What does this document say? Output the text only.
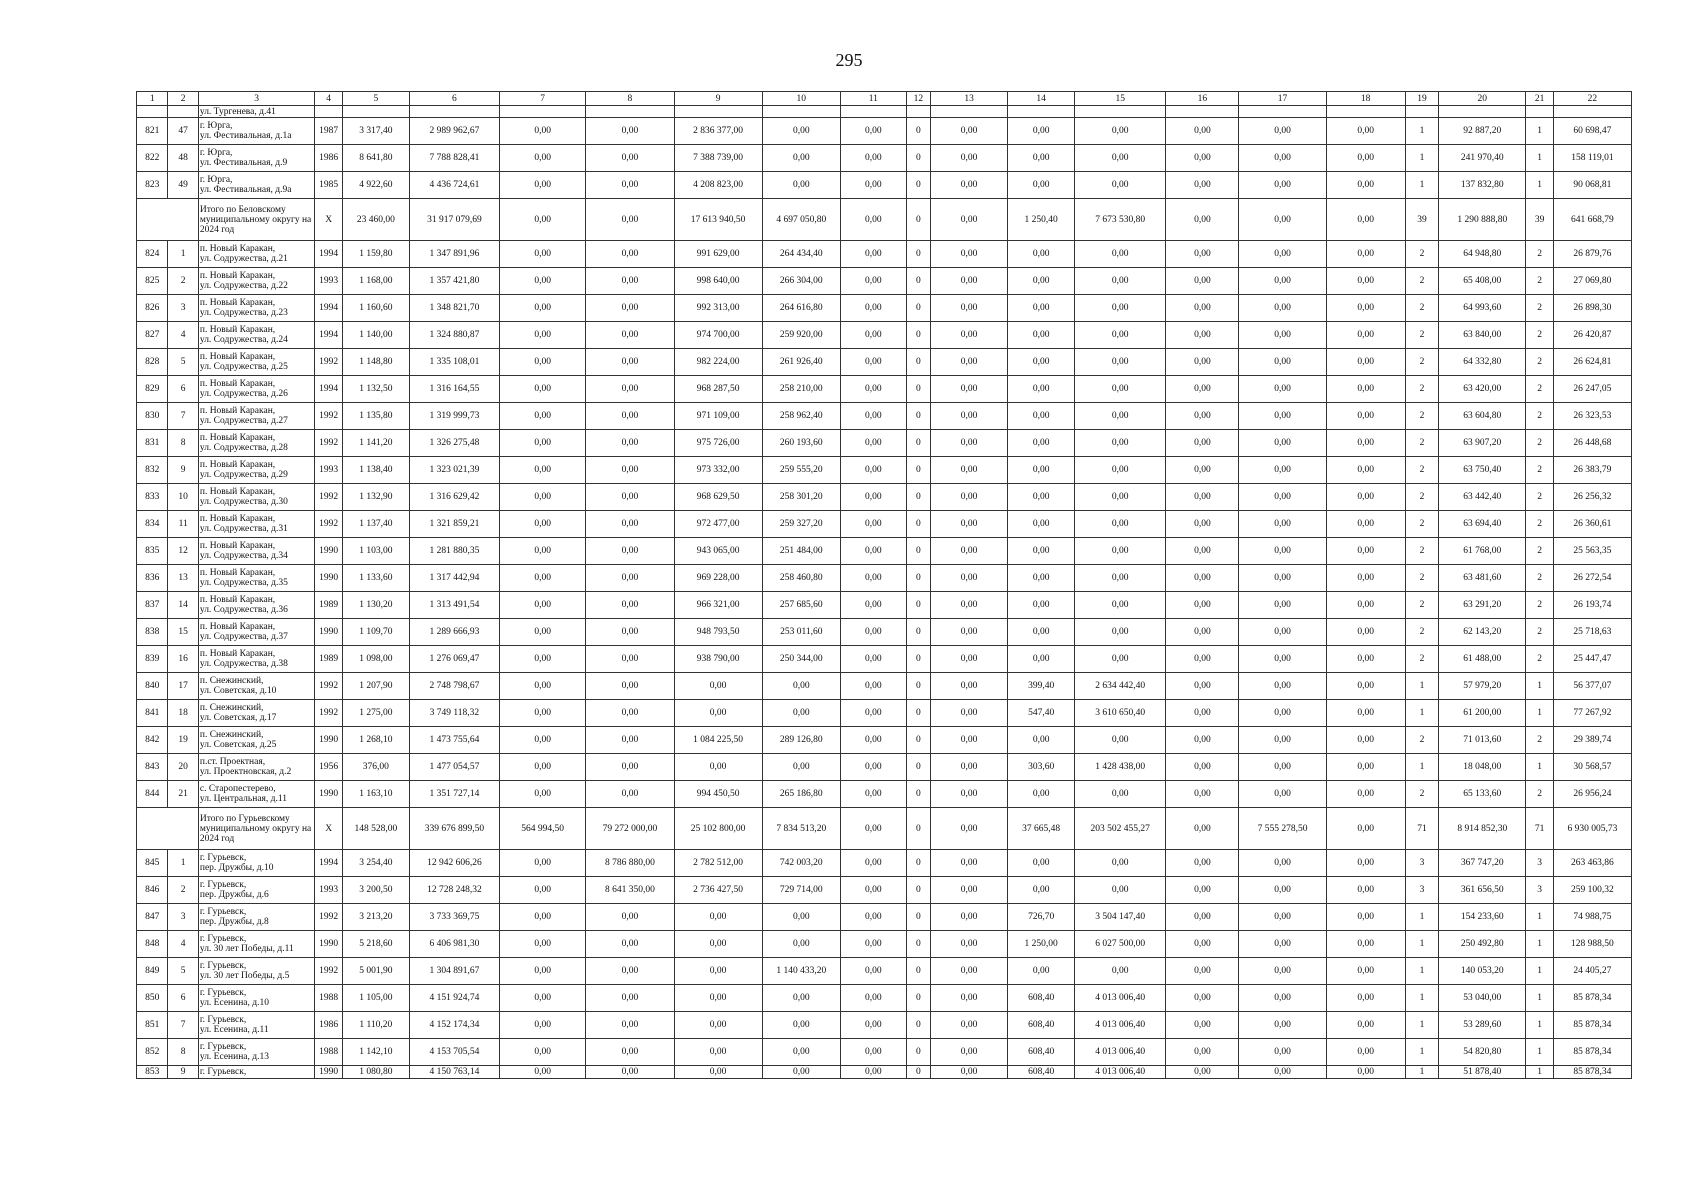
295
1	2	3	4	5	6	7	8	9	10	11	12	13	14	15	16	17	18	19	20	21	22
		ул. Тургенева, д.41																			
821	47	г. Юрга,
ул. Фестивальная, д.1а	1987	3 317,40	2 989 962,67	0,00	0,00	2 836 377,00	0,00	0,00	0	0,00	0,00	0,00	0,00	0,00	0,00	1	92 887,20	1	60 698,47
822	48	г. Юрга,
ул. Фестивальная, д.9	1986	8 641,80	7 788 828,41	0,00	0,00	7 388 739,00	0,00	0,00	0	0,00	0,00	0,00	0,00	0,00	0,00	1	241 970,40	1	158 119,01
823	49	г. Юрга,
ул. Фестивальная, д.9а	1985	4 922,60	4 436 724,61	0,00	0,00	4 208 823,00	0,00	0,00	0	0,00	0,00	0,00	0,00	0,00	0,00	1	137 832,80	1	90 068,81
		Итого по Беловскому муниципальному округу на 2024 год	X	23 460,00	31 917 079,69	0,00	0,00	17 613 940,50	4 697 050,80	0,00	0	0,00	1 250,40	7 673 530,80	0,00	0,00	0,00	39	1 290 888,80	39	641 668,79
824	1	п. Новый Каракан,
ул. Содружества, д.21	1994	1 159,80	1 347 891,96	0,00	0,00	991 629,00	264 434,40	0,00	0	0,00	0,00	0,00	0,00	0,00	0,00	2	64 948,80	2	26 879,76
825	2	п. Новый Каракан,
ул. Содружества, д.22	1993	1 168,00	1 357 421,80	0,00	0,00	998 640,00	266 304,00	0,00	0	0,00	0,00	0,00	0,00	0,00	0,00	2	65 408,00	2	27 069,80
826	3	п. Новый Каракан,
ул. Содружества, д.23	1994	1 160,60	1 348 821,70	0,00	0,00	992 313,00	264 616,80	0,00	0	0,00	0,00	0,00	0,00	0,00	0,00	2	64 993,60	2	26 898,30
827	4	п. Новый Каракан,
ул. Содружества, д.24	1994	1 140,00	1 324 880,87	0,00	0,00	974 700,00	259 920,00	0,00	0	0,00	0,00	0,00	0,00	0,00	0,00	2	63 840,00	2	26 420,87
828	5	п. Новый Каракан,
ул. Содружества, д.25	1992	1 148,80	1 335 108,01	0,00	0,00	982 224,00	261 926,40	0,00	0	0,00	0,00	0,00	0,00	0,00	0,00	2	64 332,80	2	26 624,81
829	6	п. Новый Каракан,
ул. Содружества, д.26	1994	1 132,50	1 316 164,55	0,00	0,00	968 287,50	258 210,00	0,00	0	0,00	0,00	0,00	0,00	0,00	0,00	2	63 420,00	2	26 247,05
830	7	п. Новый Каракан,
ул. Содружества, д.27	1992	1 135,80	1 319 999,73	0,00	0,00	971 109,00	258 962,40	0,00	0	0,00	0,00	0,00	0,00	0,00	0,00	2	63 604,80	2	26 323,53
831	8	п. Новый Каракан,
ул. Содружества, д.28	1992	1 141,20	1 326 275,48	0,00	0,00	975 726,00	260 193,60	0,00	0	0,00	0,00	0,00	0,00	0,00	0,00	2	63 907,20	2	26 448,68
832	9	п. Новый Каракан,
ул. Содружества, д.29	1993	1 138,40	1 323 021,39	0,00	0,00	973 332,00	259 555,20	0,00	0	0,00	0,00	0,00	0,00	0,00	0,00	2	63 750,40	2	26 383,79
833	10	п. Новый Каракан,
ул. Содружества, д.30	1992	1 132,90	1 316 629,42	0,00	0,00	968 629,50	258 301,20	0,00	0	0,00	0,00	0,00	0,00	0,00	0,00	2	63 442,40	2	26 256,32
834	11	п. Новый Каракан,
ул. Содружества, д.31	1992	1 137,40	1 321 859,21	0,00	0,00	972 477,00	259 327,20	0,00	0	0,00	0,00	0,00	0,00	0,00	0,00	2	63 694,40	2	26 360,61
835	12	п. Новый Каракан,
ул. Содружества, д.34	1990	1 103,00	1 281 880,35	0,00	0,00	943 065,00	251 484,00	0,00	0	0,00	0,00	0,00	0,00	0,00	0,00	2	61 768,00	2	25 563,35
836	13	п. Новый Каракан,
ул. Содружества, д.35	1990	1 133,60	1 317 442,94	0,00	0,00	969 228,00	258 460,80	0,00	0	0,00	0,00	0,00	0,00	0,00	0,00	2	63 481,60	2	26 272,54
837	14	п. Новый Каракан,
ул. Содружества, д.36	1989	1 130,20	1 313 491,54	0,00	0,00	966 321,00	257 685,60	0,00	0	0,00	0,00	0,00	0,00	0,00	0,00	2	63 291,20	2	26 193,74
838	15	п. Новый Каракан,
ул. Содружества, д.37	1990	1 109,70	1 289 666,93	0,00	0,00	948 793,50	253 011,60	0,00	0	0,00	0,00	0,00	0,00	0,00	0,00	2	62 143,20	2	25 718,63
839	16	п. Новый Каракан,
ул. Содружества, д.38	1989	1 098,00	1 276 069,47	0,00	0,00	938 790,00	250 344,00	0,00	0	0,00	0,00	0,00	0,00	0,00	0,00	2	61 488,00	2	25 447,47
840	17	п. Снежинский,
ул. Советская, д.10	1992	1 207,90	2 748 798,67	0,00	0,00	0,00	0,00	0,00	0	0,00	399,40	2 634 442,40	0,00	0,00	0,00	1	57 979,20	1	56 377,07
841	18	п. Снежинский,
ул. Советская, д.17	1992	1 275,00	3 749 118,32	0,00	0,00	0,00	0,00	0,00	0	0,00	547,40	3 610 650,40	0,00	0,00	0,00	1	61 200,00	1	77 267,92
842	19	п. Снежинский,
ул. Советская, д.25	1990	1 268,10	1 473 755,64	0,00	0,00	1 084 225,50	289 126,80	0,00	0	0,00	0,00	0,00	0,00	0,00	0,00	2	71 013,60	2	29 389,74
843	20	п.ст. Проектная,
ул. Проектновская, д.2	1956	376,00	1 477 054,57	0,00	0,00	0,00	0,00	0,00	0	0,00	303,60	1 428 438,00	0,00	0,00	0,00	1	18 048,00	1	30 568,57
844	21	с. Старопестерево,
ул. Центральная, д.11	1990	1 163,10	1 351 727,14	0,00	0,00	994 450,50	265 186,80	0,00	0	0,00	0,00	0,00	0,00	0,00	0,00	2	65 133,60	2	26 956,24
		Итого по Гурьевскому муниципальному округу на 2024 год	X	148 528,00	339 676 899,50	564 994,50	79 272 000,00	25 102 800,00	7 834 513,20	0,00	0	0,00	37 665,48	203 502 455,27	0,00	7 555 278,50	0,00	71	8 914 852,30	71	6 930 005,73
845	1	г. Гурьевск,
пер. Дружбы, д.10	1994	3 254,40	12 942 606,26	0,00	8 786 880,00	2 782 512,00	742 003,20	0,00	0	0,00	0,00	0,00	0,00	0,00	0,00	3	367 747,20	3	263 463,86
846	2	г. Гурьевск,
пер. Дружбы, д.6	1993	3 200,50	12 728 248,32	0,00	8 641 350,00	2 736 427,50	729 714,00	0,00	0	0,00	0,00	0,00	0,00	0,00	0,00	3	361 656,50	3	259 100,32
847	3	г. Гурьевск,
пер. Дружбы, д.8	1992	3 213,20	3 733 369,75	0,00	0,00	0,00	0,00	0,00	0	0,00	726,70	3 504 147,40	0,00	0,00	0,00	1	154 233,60	1	74 988,75
848	4	г. Гурьевск,
ул. 30 лет Победы, д.11	1990	5 218,60	6 406 981,30	0,00	0,00	0,00	0,00	0,00	0	0,00	1 250,00	6 027 500,00	0,00	0,00	0,00	1	250 492,80	1	128 988,50
849	5	г. Гурьевск,
ул. 30 лет Победы, д.5	1992	5 001,90	1 304 891,67	0,00	0,00	0,00	1 140 433,20	0,00	0	0,00	0,00	0,00	0,00	0,00	0,00	1	140 053,20	1	24 405,27
850	6	г. Гурьевск,
ул. Есенина, д.10	1988	1 105,00	4 151 924,74	0,00	0,00	0,00	0,00	0,00	0	0,00	608,40	4 013 006,40	0,00	0,00	0,00	1	53 040,00	1	85 878,34
851	7	г. Гурьевск,
ул. Есенина, д.11	1986	1 110,20	4 152 174,34	0,00	0,00	0,00	0,00	0,00	0	0,00	608,40	4 013 006,40	0,00	0,00	0,00	1	53 289,60	1	85 878,34
852	8	г. Гурьевск,
ул. Есенина, д.13	1988	1 142,10	4 153 705,54	0,00	0,00	0,00	0,00	0,00	0	0,00	608,40	4 013 006,40	0,00	0,00	0,00	1	54 820,80	1	85 878,34
853	9	г. Гурьевск,	1990	1 080,80	4 150 763,14	0,00	0,00	0,00	0,00	0,00	0	0,00	608,40	4 013 006,40	0,00	0,00	0,00	1	51 878,40	1	85 878,34
